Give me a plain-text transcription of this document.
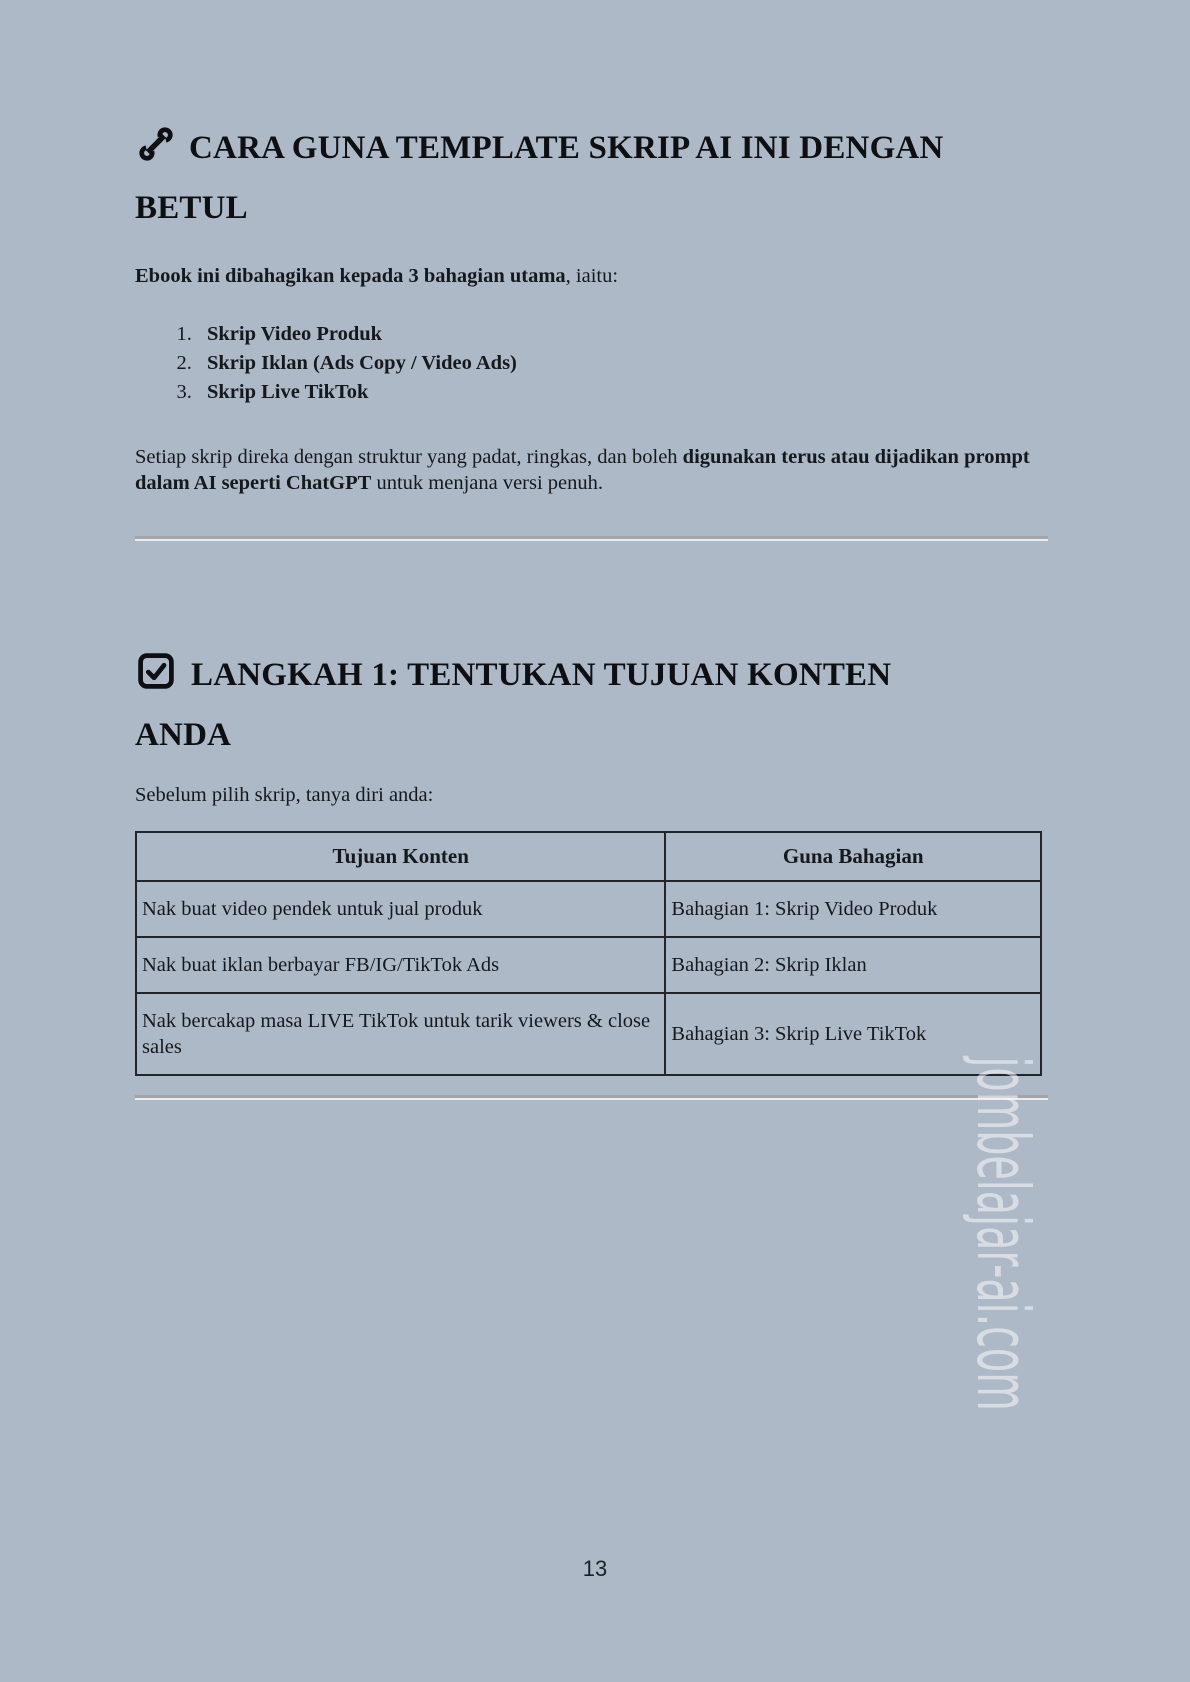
CARA GUNA TEMPLATE SKRIP AI INI DENGAN BETUL

Ebook ini dibahagikan kepada 3 bahagian utama, iaitu:

1. Skrip Video Produk
2. Skrip Iklan (Ads Copy / Video Ads)
3. Skrip Live TikTok

Setiap skrip direka dengan struktur yang padat, ringkas, dan boleh digunakan terus atau dijadikan prompt dalam AI seperti ChatGPT untuk menjana versi penuh.

LANGKAH 1: TENTUKAN TUJUAN KONTEN ANDA

Sebelum pilih skrip, tanya diri anda:

Tujuan Konten	Guna Bahagian
Nak buat video pendek untuk jual produk	Bahagian 1: Skrip Video Produk
Nak buat iklan berbayar FB/IG/TikTok Ads	Bahagian 2: Skrip Iklan
Nak bercakap masa LIVE TikTok untuk tarik viewers & close sales	Bahagian 3: Skrip Live TikTok
jombelajar-ai.com
13
